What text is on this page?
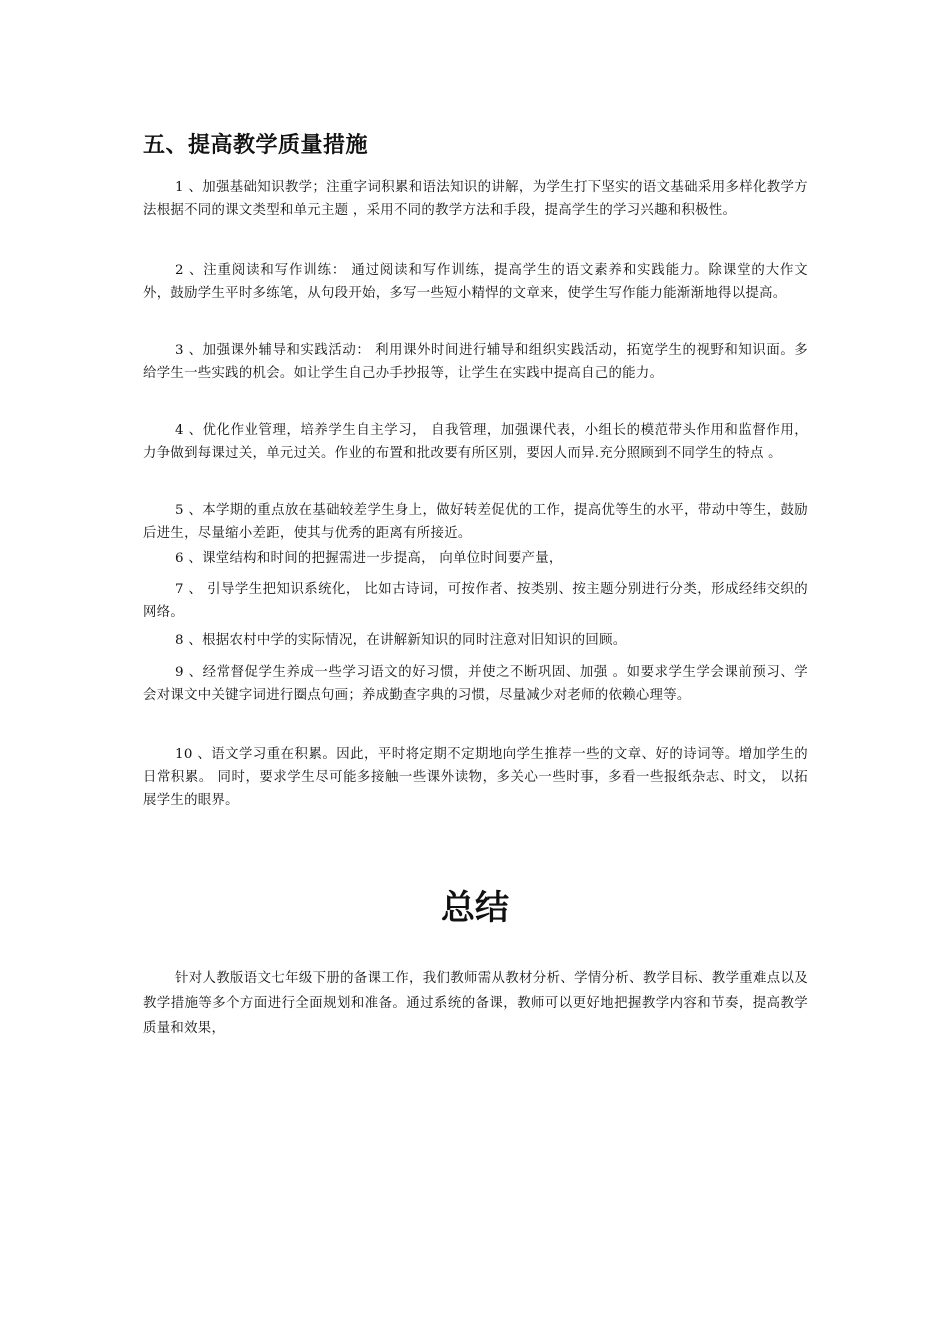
五、提高教学质量措施

1 、加强基础知识教学；注重字词积累和语法知识的讲解，为学生打下坚实的语文基础采用多样化教学方法根据不同的课文类型和单元主题 ，采用不同的教学方法和手段，提高学生的学习兴趣和积极性。

2 、注重阅读和写作训练： 通过阅读和写作训练，提高学生的语文素养和实践能力。除课堂的大作文外，鼓励学生平时多练笔，从句段开始，多写一些短小精悍的文章来，使学生写作能力能渐渐地得以提高。

3 、加强课外辅导和实践活动： 利用课外时间进行辅导和组织实践活动，拓宽学生的视野和知识面。多给学生一些实践的机会。如让学生自己办手抄报等，让学生在实践中提高自己的能力。

4 、优化作业管理，培养学生自主学习， 自我管理，加强课代表，小组长的模范带头作用和监督作用，力争做到每课过关，单元过关。作业的布置和批改要有所区别，要因人而异.充分照顾到不同学生的特点 。

5 、本学期的重点放在基础较差学生身上，做好转差促优的工作，提高优等生的水平，带动中等生，鼓励后进生，尽量缩小差距，使其与优秀的距离有所接近。

6 、课堂结构和时间的把握需进一步提高， 向单位时间要产量，

7 、 引导学生把知识系统化， 比如古诗词，可按作者、按类别、按主题分别进行分类，形成经纬交织的网络。

8 、根据农村中学的实际情况，在讲解新知识的同时注意对旧知识的回顾。

9 、经常督促学生养成一些学习语文的好习惯，并使之不断巩固、加强 。如要求学生学会课前预习、学会对课文中关键字词进行圈点句画；养成勤查字典的习惯，尽量减少对老师的依赖心理等。

10 、语文学习重在积累。因此，平时将定期不定期地向学生推荐一些的文章、好的诗词等。增加学生的日常积累。 同时，要求学生尽可能多接触一些课外读物，多关心一些时事，多看一些报纸杂志、时文， 以拓展学生的眼界。

总结

针对人教版语文七年级下册的备课工作，我们教师需从教材分析、学情分析、教学目标、教学重难点以及教学措施等多个方面进行全面规划和准备。通过系统的备课，教师可以更好地把握教学内容和节奏，提高教学质量和效果，
